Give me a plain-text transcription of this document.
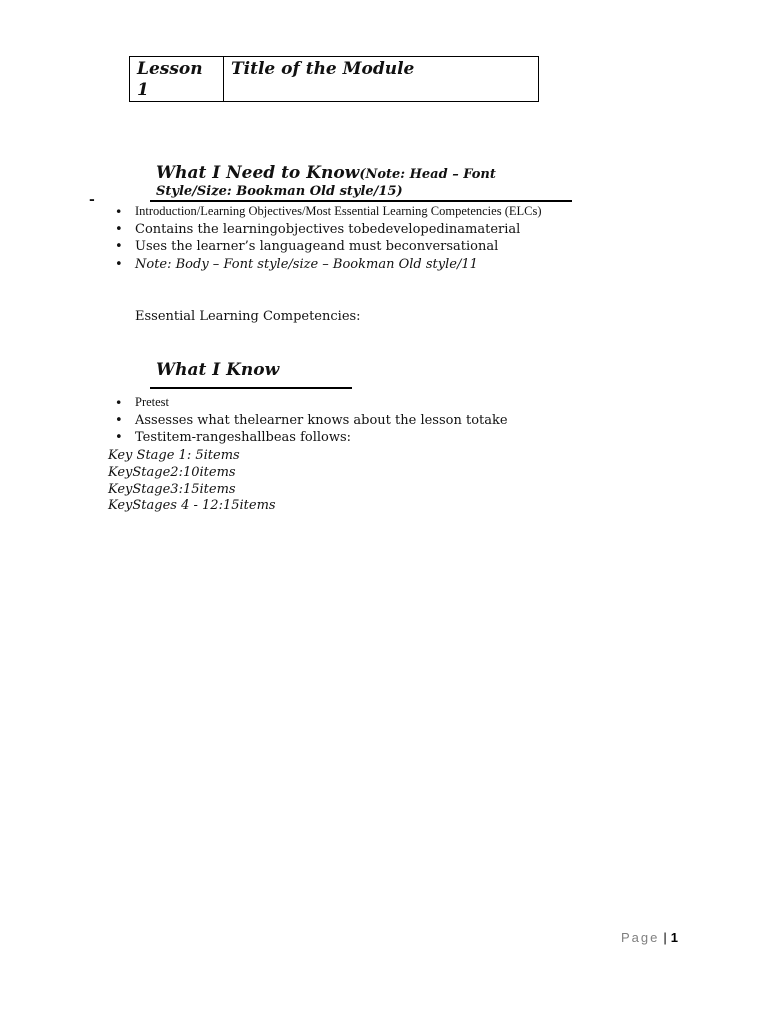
Lesson 1
Title of the Module
What I Need to Know(Note: Head – Font
Style/Size: Bookman Old style/15)
-
• Introduction/Learning Objectives/Most Essential Learning Competencies (ELCs)
• Contains the learningobjectives tobedevelopedinamaterial
• Uses the learner’s languageand must beconversational
• Note: Body – Font style/size – Bookman Old style/11
Essential Learning Competencies:
What I Know
• Pretest
• Assesses what thelearner knows about the lesson totake
• Testitem-rangeshallbeas follows:
Key Stage 1: 5items
KeyStage2:10items
KeyStage3:15items
KeyStages 4 - 12:15items
Page | 1
